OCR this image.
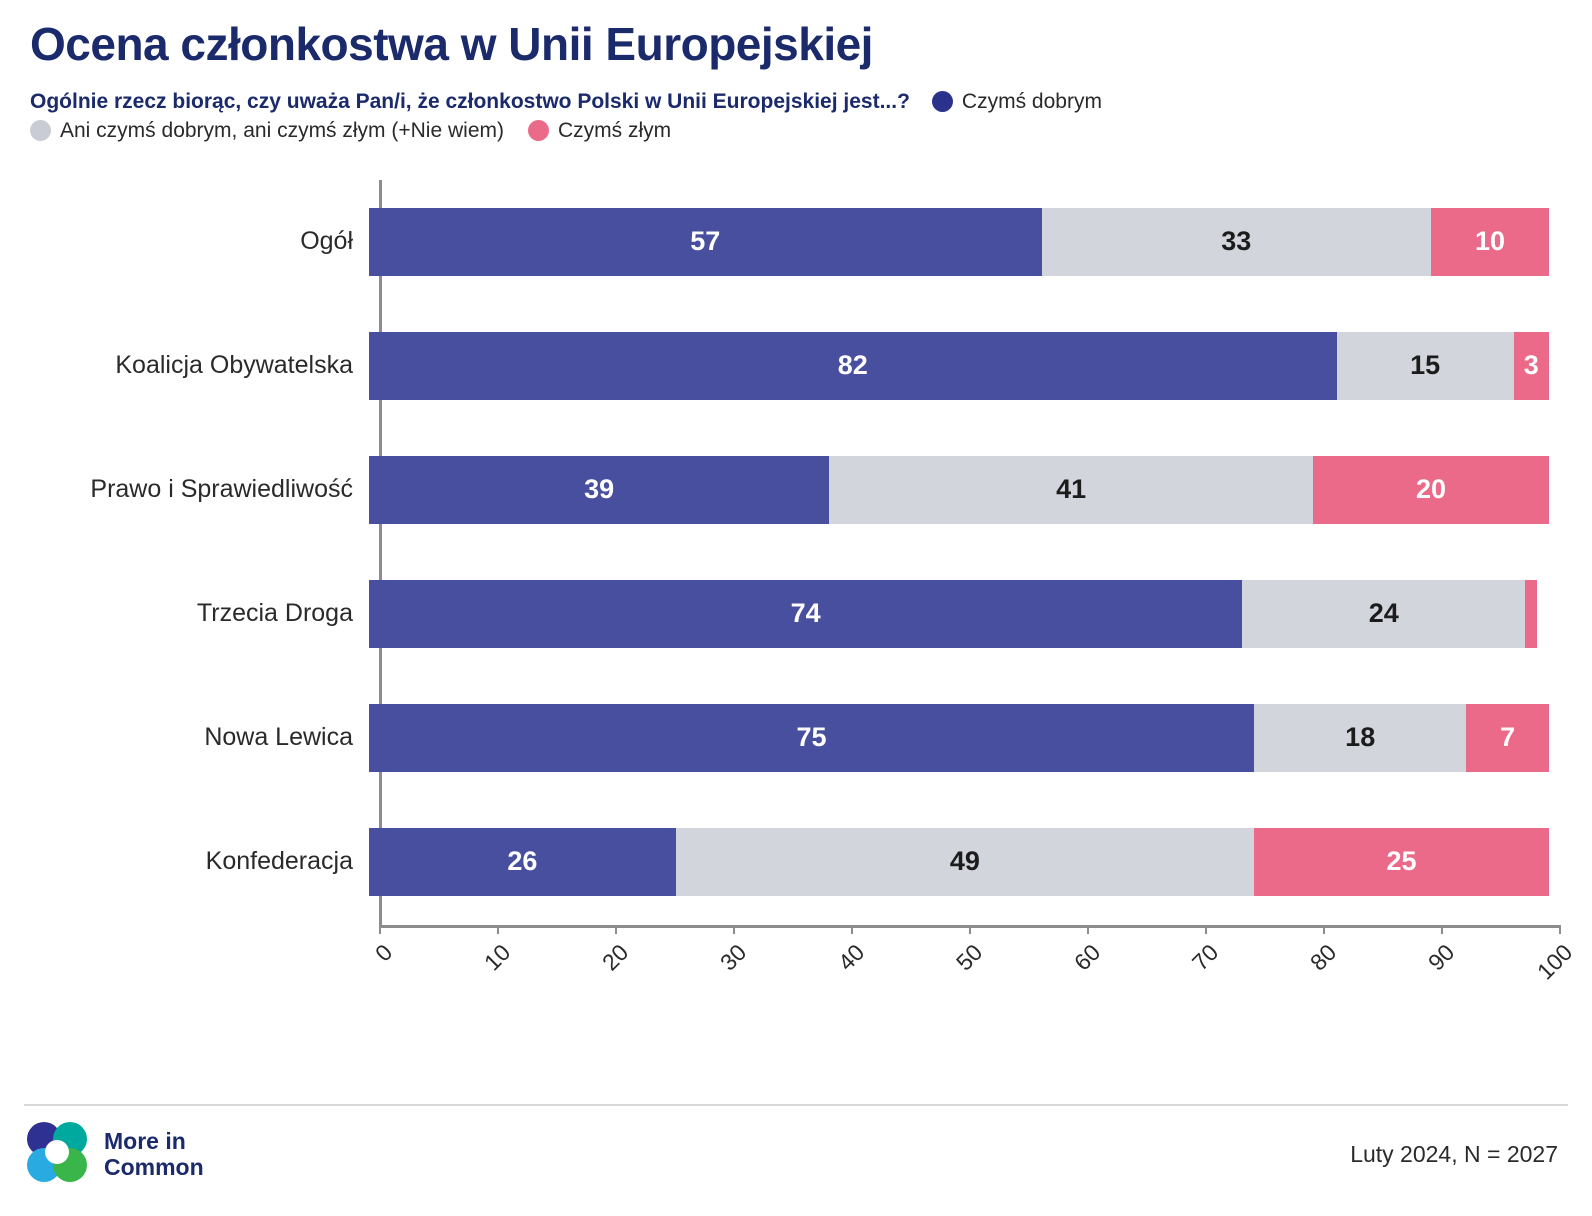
Ocena członkostwa w Unii Europejskiej
Ogólnie rzecz biorąc, czy uważa Pan/i, że członkostwo Polski w Unii Europejskiej jest...? Czymś dobrym
Ani czymś dobrym, ani czymś złym (+Nie wiem)	Czymś złym
Ogół	57	33	10
Koalicja Obywatelska	82	15	3
Prawo i Sprawiedliwość	39	41	20
Trzecia Droga	74	24
Nowa Lewica	75	18	7
Konfederacja	26	49	25
0	10	20	30	40	50	60	70	80	90	100
More in
Common
Luty 2024, N = 2027
